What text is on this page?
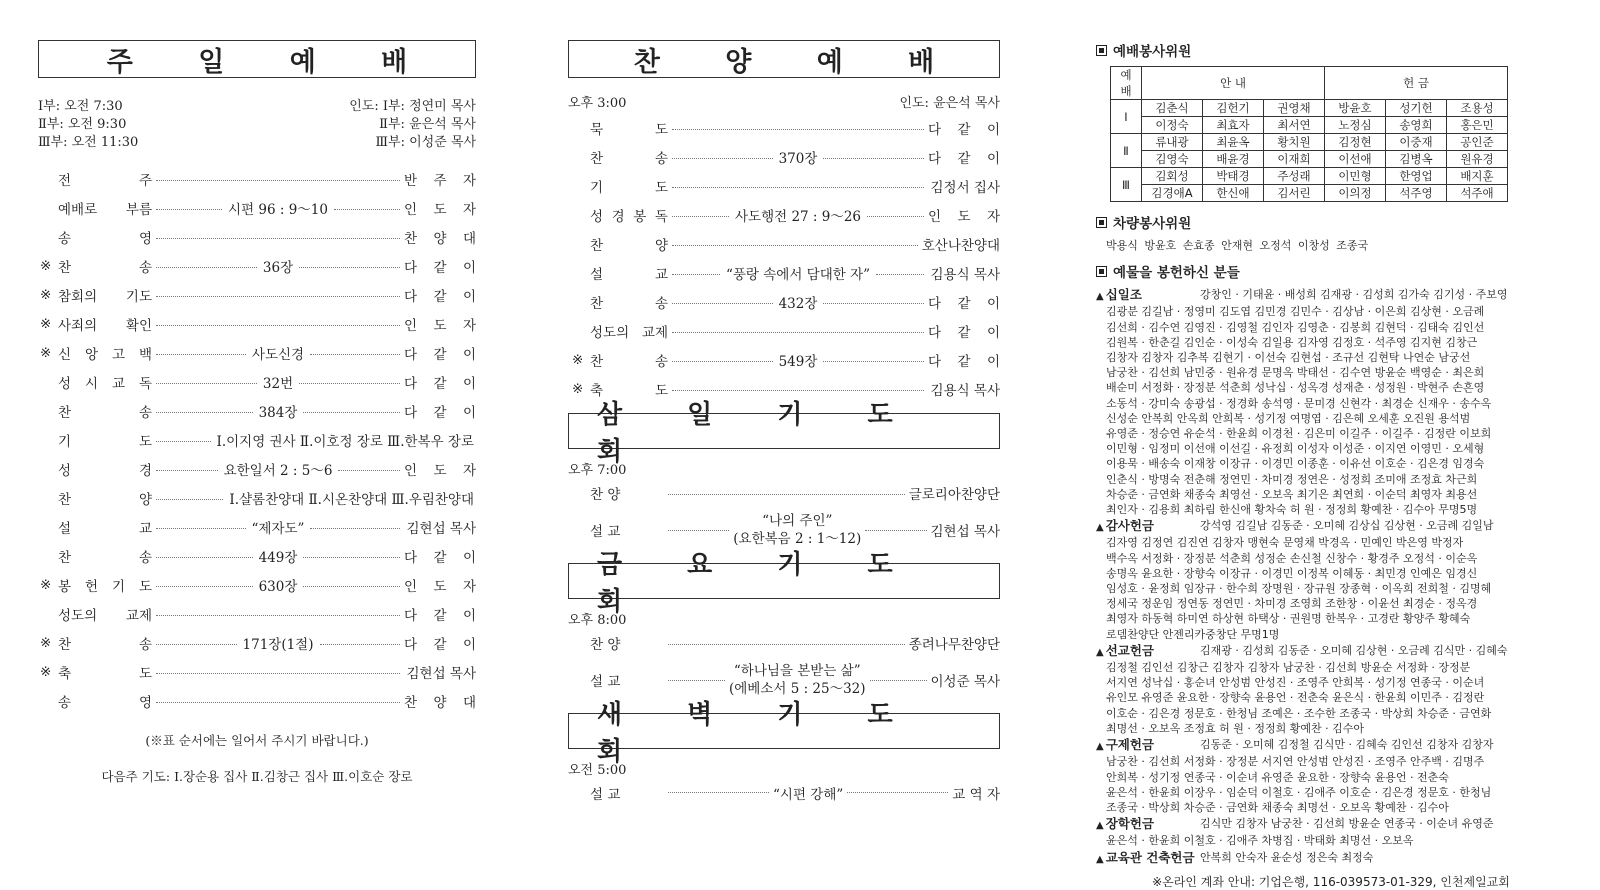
주 일 예 배
Ⅰ부: 오전 7:30
Ⅱ부: 오전 9:30
Ⅲ부: 오전 11:30
인도: Ⅰ부: 정연미 목사
Ⅱ부: 윤은석 목사
Ⅲ부: 이성준 목사
전	주	반 주 자
예배로 부름	시편 96 : 9～10	인 도 자
송	영	찬 양 대
※ 찬	송	36장	다 같 이
※ 참회의 기도	다 같 이
※ 사죄의 확인	인 도 자
※ 신 앙 고 백	사도신경	다 같 이
성 시 교 독	32번	다 같 이
찬	송	384장	다 같 이
기	도	Ⅰ.이지영 권사 Ⅱ.이호정 장로 Ⅲ.한복우 장로
성	경	요한일서 2 : 5～6	인 도 자
찬	양	Ⅰ.샬롬찬양대 Ⅱ.시온찬양대 Ⅲ.우림찬양대
설	교	“제자도”	김현섭 목사
찬	송	449장	다 같 이
※ 봉 헌 기 도	630장	인 도 자
성도의 교제	다 같 이
※ 찬	송	171장(1절)	다 같 이
※ 축	도	김현섭 목사
송	영	찬 양 대
(※표 순서에는 일어서 주시기 바랍니다.)
다음주 기도: Ⅰ.장순용 집사 Ⅱ.김창근 집사 Ⅲ.이호순 장로
찬 양 예 배
오후 3:00	인도: 윤은석 목사
묵	도	다 같 이
찬	송	370장	다 같 이
기	도	김정서 집사
성 경 봉 독	사도행전 27 : 9～26	인 도 자
찬	양	호산나찬양대
설	교	“풍랑 속에서 담대한 자”	김용식 목사
찬	송	432장	다 같 이
성도의 교제	다 같 이
※ 찬	송	549장	다 같 이
※ 축	도	김용식 목사
삼 일 기 도 회
오후 7:00
찬 양	글로리아찬양단
설 교
“나의 주인”
(요한복음 2 : 1～12)	김현섭 목사
금 요 기 도 회
오후 8:00
찬 양	종려나무찬양단
설 교
“하나님을 본받는 삶”
(에베소서 5 : 25～32)	이성준 목사
새 벽 기 도 회
오전 5:00
설 교	“시편 강해”	교 역 자
예배봉사위원
예배	안 내			헌 금		
Ⅰ	김춘식	김헌기	권영채	방윤호	성기헌	조용성
	이정숙	최효자	최서연	노정심	송영희	홍은민
Ⅱ	류내광	최윤옥	황치원	김정현	이중재	공인준
	김영숙	배윤경	이재희	이선애	김병옥	원유경
Ⅲ	김회성	박태경	주성래	이민형	한영업	배지훈
	김경애A	한신애	김서린	이의정	석주영	석주애
차량봉사위원
박용식 방윤호 손효종 안재현 오정석 이창성 조종국
예물을 봉헌하신 분들
▲ 십일조	강창인 · 기태윤 · 배성희 김재광 · 김성희 김가숙 김기성 · 주보영
김광분 김길남 · 정영미 김도엽 김민경 김민수 · 김상남 · 이은희 김상현 · 오금례
김선희 · 김수연 김영진 · 김영철 김인자 김영춘 · 김봉희 김현덕 · 김태숙 김인선
김원복 · 한춘길 김인순 · 이성숙 김일용 김자영 김정호 · 석주영 김지현 김창근
김창자 김창자 김추복 김현기 · 이선숙 김현섭 · 조규선 김현탁 나연순 남궁선
남궁찬 · 김선희 남민중 · 원유경 문명옥 박태선 · 김수연 방윤순 백영순 · 최은희
배순미 서정화 · 장정분 석춘희 성낙십 · 성옥경 성재춘 · 성정원 · 박현주 손흔영
소동석 · 강미숙 송광섭 · 정경화 송석영 · 문미경 신현각 · 최경순 신재우 · 송수옥
신성순 안복희 안옥희 안희복 · 성기정 여명엽 · 김은혜 오세훈 오진원 용석범
유영준 · 정승연 유순석 · 한윤희 이경천 · 김은미 이길주 · 이길주 · 김정란 이보희
이민형 · 임정미 이선애 이선길 · 유정희 이성자 이성준 · 이지연 이영민 · 오세형
이용묵 · 배송숙 이재창 이장규 · 이경민 이종훈 · 이유선 이호순 · 김은경 임경숙
인춘식 · 방명숙 전춘해 정연민 · 차미경 정연은 · 성정희 조미애 조정효 차근희
차승준 · 금연화 채종숙 최영선 · 오보옥 최기은 최연희 · 이순덕 최영자 최용선
최인자 · 김용희 최하림 한신애 황차숙 허 원 · 정정희 황예찬 · 김수아 무명5명
▲ 감사헌금	강석영 김길남 김동준 · 오미혜 김상십 김상현 · 오금례 김일남
김자영 김정연 김진연 김창자 맹현숙 문영채 박경옥 · 민예인 박은영 박정자
백수옥 서정화 · 장정분 석춘희 성정순 손신철 신창수 · 황경주 오정석 · 이순옥
송명옥 윤요한 · 장향숙 이장규 · 이경민 이정복 이혜동 · 최민경 인예은 임경신
임성호 · 윤정희 임장규 · 한수희 장명원 · 장규원 장종혁 · 이옥희 전희철 · 김명혜
정세국 정운임 정연동 정연민 · 차미경 조영희 조한창 · 이윤선 최경순 · 정옥경
최영자 하동혁 하미연 하상현 하택상 · 권원명 한복우 · 고경란 황양주 황혜숙
로뎀찬양단 안젠리카중창단 무명1명
▲ 선교헌금	김재광 · 김성희 김동준 · 오미혜 김상현 · 오금례 김식만 · 김혜숙
김정철 김인선 김창근 김창자 김창자 남궁찬 · 김선희 방윤순 서정화 · 장정분
서지연 성낙십 · 홍순녀 안성범 안성진 · 조영주 안희복 · 성기정 연종국 · 이순녀
유인모 유영준 윤요한 · 장향숙 윤용언 · 전춘숙 윤은식 · 한윤희 이민주 · 김정란
이호순 · 김은경 정문호 · 한청님 조예은 · 조수한 조종국 · 박상희 차승준 · 금연화
최명선 · 오보옥 조정효 허 원 · 정정희 황예찬 · 김수아
▲ 구제헌금	김동준 · 오미혜 김정철 김식만 · 김혜숙 김인선 김창자 김창자
남궁찬 · 김선희 서정화 · 장정분 서지연 안성범 안성진 · 조영주 안주백 · 김명주
안희복 · 성기정 연종국 · 이순녀 유영준 윤요한 · 장향숙 윤용언 · 전춘숙
윤은석 · 한윤희 이장우 · 임순덕 이철호 · 김애주 이호순 · 김은경 정문호 · 한청님
조종국 · 박상희 차승준 · 금연화 채종숙 최명선 · 오보옥 황예찬 · 김수아
▲ 장학헌금	김식만 김창자 남궁찬 · 김선희 방윤순 연종국 · 이순녀 유영준
윤은석 · 한윤희 이철호 · 김애주 차병집 · 박태화 최명선 · 오보옥
▲ 교육관 건축헌금 안복희 안숙자 윤순성 정은숙 최정숙
※온라인 계좌 안내: 기업은행, 116-039573-01-329, 인천제일교회
